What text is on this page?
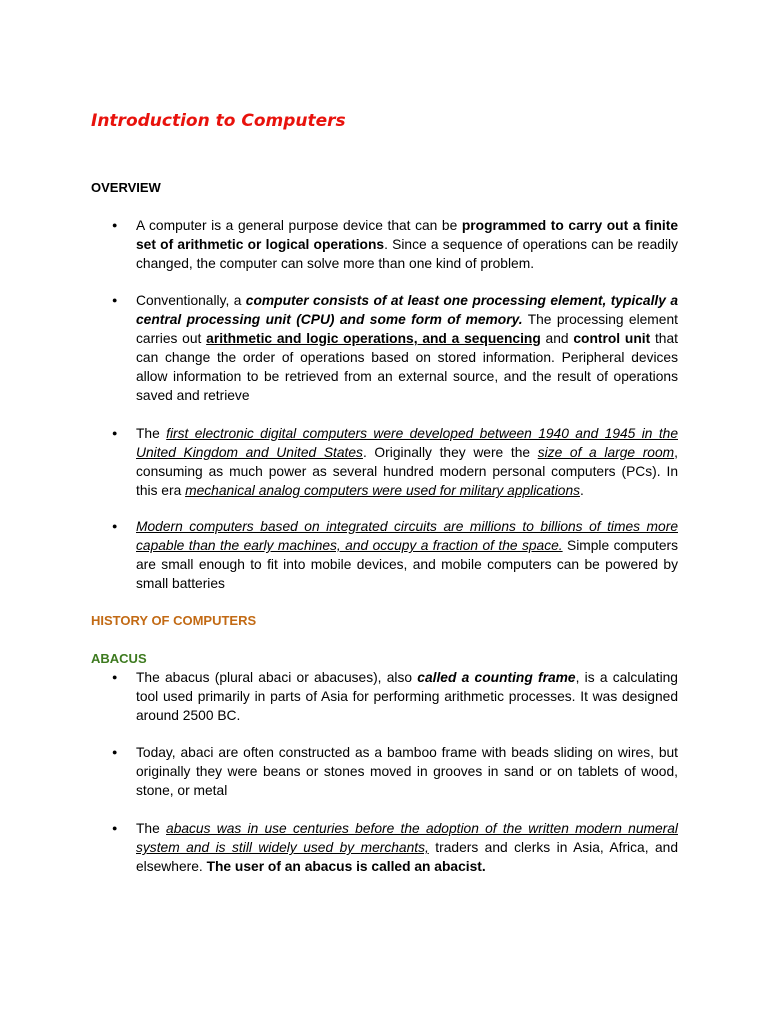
Introduction to Computers
OVERVIEW

● A computer is a general purpose device that can be programmed to carry out a finite set of arithmetic or logical operations. Since a sequence of operations can be readily changed, the computer can solve more than one kind of problem.

● Conventionally, a computer consists of at least one processing element, typically a central processing unit (CPU) and some form of memory. The processing element carries out arithmetic and logic operations, and a sequencing and control unit that can change the order of operations based on stored information. Peripheral devices allow information to be retrieved from an external source, and the result of operations saved and retrieve

● The first electronic digital computers were developed between 1940 and 1945 in the United Kingdom and United States. Originally they were the size of a large room, consuming as much power as several hundred modern personal computers (PCs). In this era mechanical analog computers were used for military applications.

● Modern computers based on integrated circuits are millions to billions of times more capable than the early machines, and occupy a fraction of the space. Simple computers are small enough to fit into mobile devices, and mobile computers can be powered by small batteries

HISTORY OF COMPUTERS
ABACUS

● The abacus (plural abaci or abacuses), also called a counting frame, is a calculating tool used primarily in parts of Asia for performing arithmetic processes. It was designed around 2500 BC.

● Today, abaci are often constructed as a bamboo frame with beads sliding on wires, but originally they were beans or stones moved in grooves in sand or on tablets of wood, stone, or metal

● The abacus was in use centuries before the adoption of the written modern numeral system and is still widely used by merchants, traders and clerks in Asia, Africa, and elsewhere. The user of an abacus is called an abacist.
